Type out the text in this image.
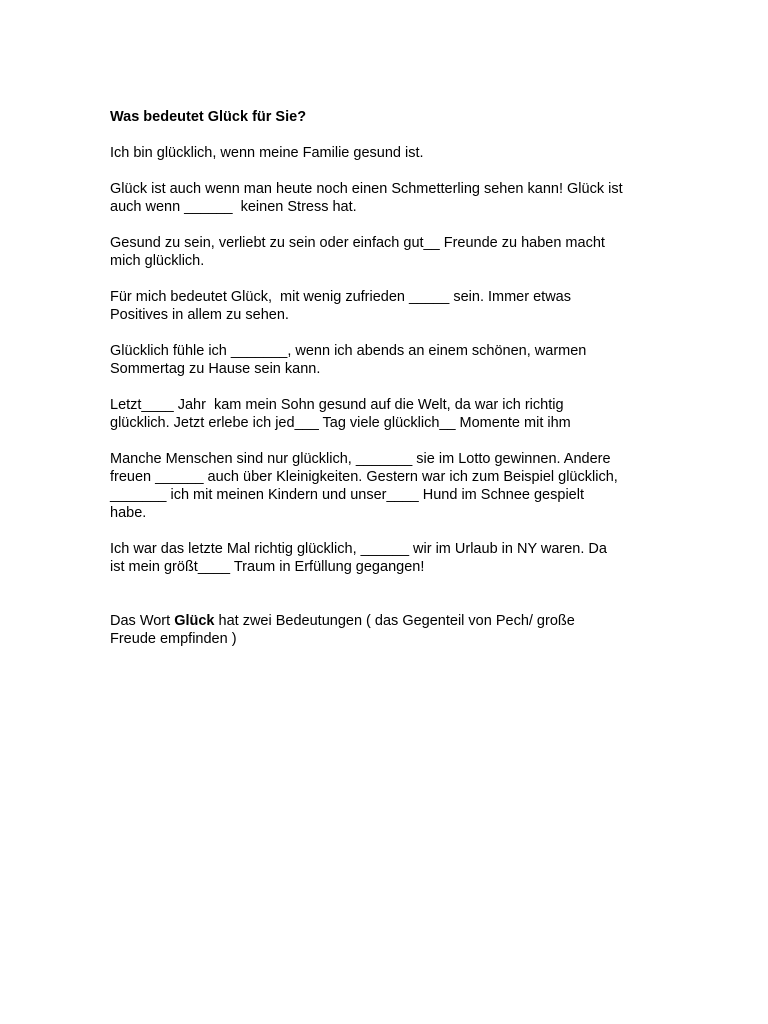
Was bedeutet Glück für Sie?
Ich bin glücklich, wenn meine Familie gesund ist.
Glück ist auch wenn man heute noch einen Schmetterling sehen kann! Glück ist
auch wenn ______  keinen Stress hat.
Gesund zu sein, verliebt zu sein oder einfach gut__ Freunde zu haben macht
mich glücklich.
Für mich bedeutet Glück,  mit wenig zufrieden _____ sein. Immer etwas
Positives in allem zu sehen.
Glücklich fühle ich _______, wenn ich abends an einem schönen, warmen
Sommertag zu Hause sein kann.
Letzt____ Jahr  kam mein Sohn gesund auf die Welt, da war ich richtig
glücklich. Jetzt erlebe ich jed___ Tag viele glücklich__ Momente mit ihm
Manche Menschen sind nur glücklich, _______ sie im Lotto gewinnen. Andere
freuen ______ auch über Kleinigkeiten. Gestern war ich zum Beispiel glücklich,
_______ ich mit meinen Kindern und unser____ Hund im Schnee gespielt
habe.
Ich war das letzte Mal richtig glücklich, ______ wir im Urlaub in NY waren. Da
ist mein größt____ Traum in Erfüllung gegangen!
Das Wort Glück hat zwei Bedeutungen ( das Gegenteil von Pech/ große
Freude empfinden )
